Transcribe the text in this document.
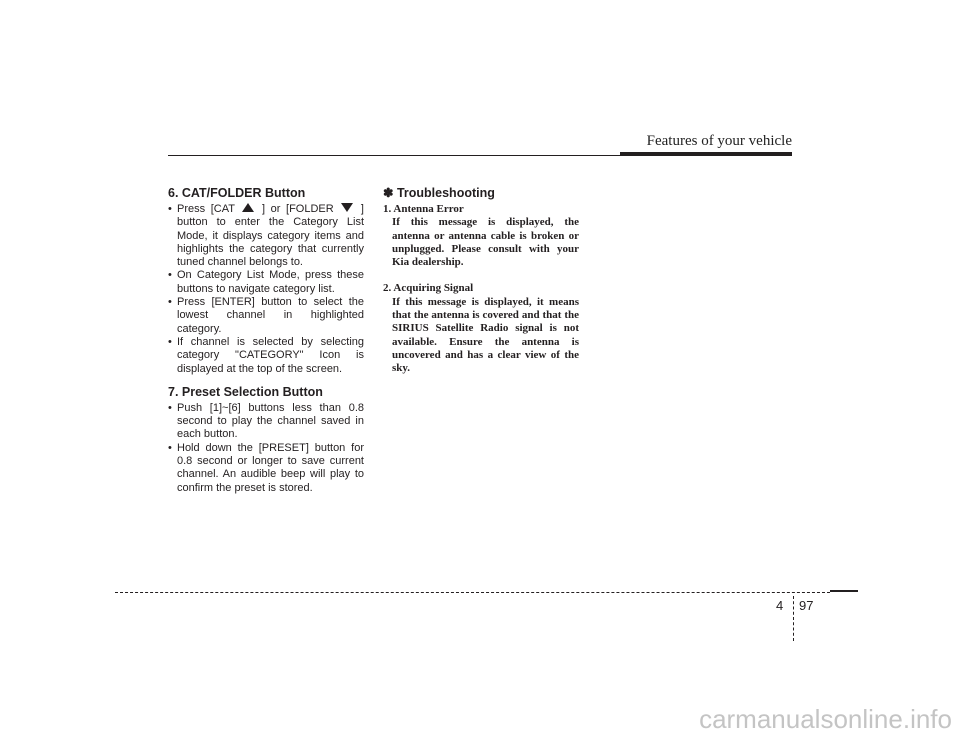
Features of your vehicle
6. CAT/FOLDER Button
• Press [CAT  ] or [FOLDER  ] button to enter the Category List Mode, it displays category items and highlights the category that currently tuned channel belongs to.
• On Category List Mode, press these buttons to navigate category list.
• Press [ENTER] button to select the lowest channel in highlighted category.
• If channel is selected by selecting category "CATEGORY" Icon is displayed at the top of the screen.
7. Preset Selection Button
• Push [1]~[6] buttons less than 0.8 second to play the channel saved in each button.
• Hold down the [PRESET] button for 0.8 second or longer to save current channel. An audible beep will play to confirm the preset is stored.
✽ Troubleshooting
1. Antenna Error
If this message is displayed, the antenna or antenna cable is broken or unplugged. Please consult with your Kia dealership.
2. Acquiring Signal
If this message is displayed, it means that the antenna is covered and that the SIRIUS Satellite Radio signal is not available. Ensure the antenna is uncovered and has a clear view of the sky.
4 97
carmanualsonline.info
